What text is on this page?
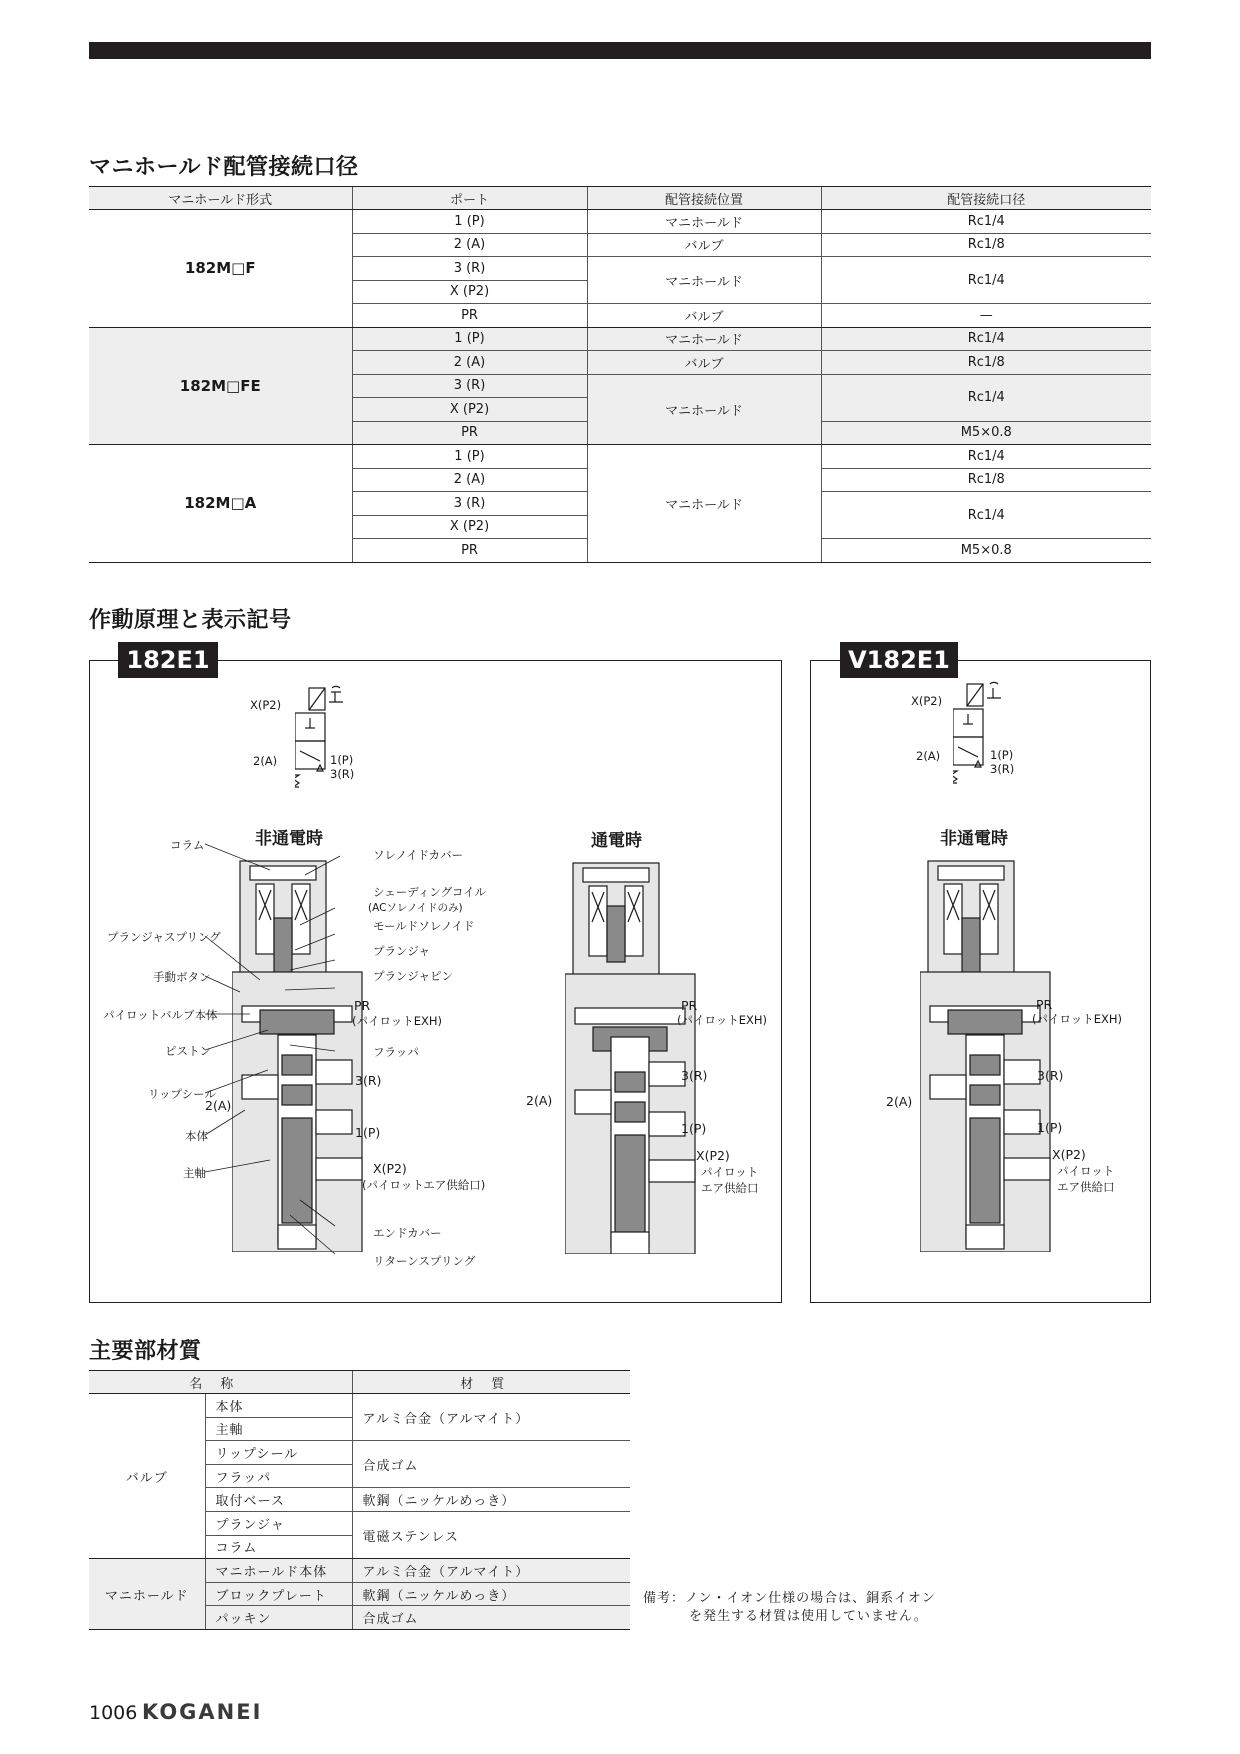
マニホールド配管接続口径
マニホールド形式	ポート	配管接続位置	配管接続口径
182M□F	1 (P)	マニホールド	Rc1/4
	2 (A)	バルブ	Rc1/8
	3 (R)	マニホールド	Rc1/4
	X (P2)		
	PR	バルブ	—
182M□FE	1 (P)	マニホールド	Rc1/4
	2 (A)	バルブ	Rc1/8
	3 (R)	マニホールド	Rc1/4
	X (P2)		
	PR		M5×0.8
182M□A	1 (P)	マニホールド	Rc1/4
	2 (A)		Rc1/8
	3 (R)		Rc1/4
	X (P2)		
	PR		M5×0.8
作動原理と表示記号
182E1	V182E1
X(P2)
2(A)	1(P)
3(R)
X(P2)
2(A)	1(P)
3(R)
非通電時	通電時	非通電時
コラム
プランジャスプリング
手動ボタン
パイロットバルブ本体
ピストン
リップシール
本体
主軸
ソレノイドカバー
シェーディングコイル
(ACソレノイドのみ)
モールドソレノイド
プランジャ
プランジャピン
フラッパ
エンドカバー
リターンスプリング
PR
(パイロットEXH)
3(R)
2(A)
1(P)
X(P2)
(パイロットエア供給口)
PR
(パイロットEXH)
3(R)
2(A)
1(P)
X(P2)
パイロット
エア供給口
PR
(パイロットEXH)
3(R)
2(A)
1(P)
X(P2)
パイロット
エア供給口
主要部材質
名称		材質
バルブ	本体	アルミ合金（アルマイト）
	主軸	
	リップシール	合成ゴム
	フラッパ	
	取付ベース	軟鋼（ニッケルめっき）
	プランジャ	電磁ステンレス
	コラム	
マニホールド	マニホールド本体	アルミ合金（アルマイト）
	ブロックプレート	軟鋼（ニッケルめっき）
	パッキン	合成ゴム
備考：ノン・イオン仕様の場合は、銅系イオン
を発生する材質は使用していません。
1006 KOGANEI
